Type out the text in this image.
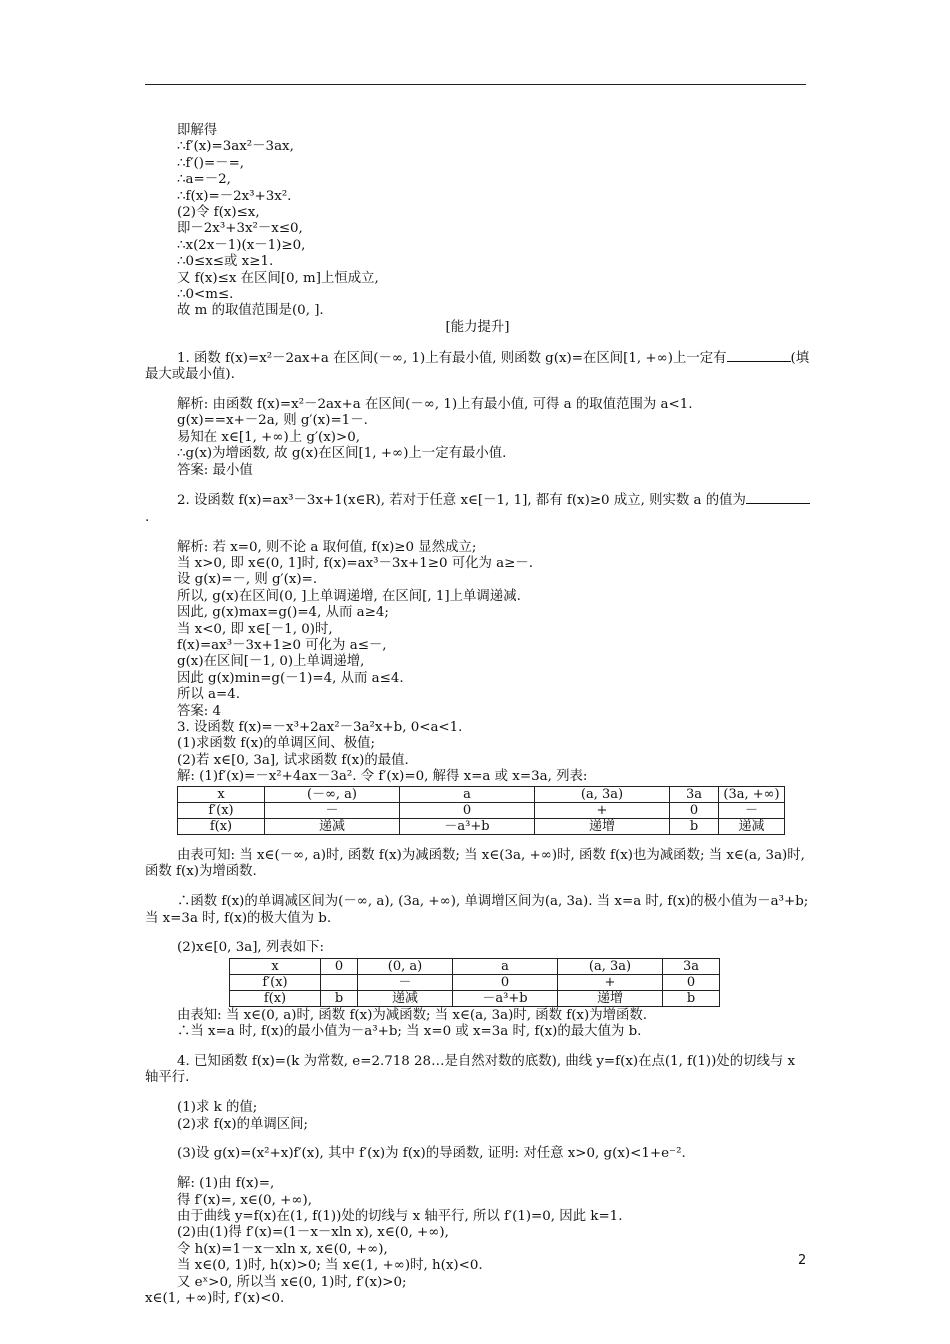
即解得

∴f′(x)=3ax²－3ax,

∴f′()=－=,

∴a=－2,

∴f(x)=－2x³+3x².

(2)令 f(x)≤x,

即－2x³+3x²－x≤0,

∴x(2x－1)(x－1)≥0,

∴0≤x≤或 x≥1.

又 f(x)≤x 在区间[0, m]上恒成立,

∴0<m≤.

故 m 的取值范围是(0, ].

[能力提升]

1. 函数 f(x)=x²－2ax+a 在区间(－∞, 1)上有最小值, 则函数 g(x)=在区间[1, +∞)上一定有	(填最大或最小值).

解析: 由函数 f(x)=x²－2ax+a 在区间(－∞, 1)上有最小值, 可得 a 的取值范围为 a<1.

g(x)==x+－2a, 则 g′(x)=1－.

易知在 x∈[1, +∞)上 g′(x)>0,

∴g(x)为增函数, 故 g(x)在区间[1, +∞)上一定有最小值.

答案: 最小值

2. 设函数 f(x)=ax³－3x+1(x∈R), 若对于任意 x∈[－1, 1], 都有 f(x)≥0 成立, 则实数 a 的值为.

解析: 若 x=0, 则不论 a 取何值, f(x)≥0 显然成立;

当 x>0, 即 x∈(0, 1]时, f(x)=ax³－3x+1≥0 可化为 a≥－.

设 g(x)=－, 则 g′(x)=.

所以, g(x)在区间(0, ]上单调递增, 在区间[, 1]上单调递减.

因此, g(x)max=g()=4, 从而 a≥4;

当 x<0, 即 x∈[－1, 0)时,

f(x)=ax³－3x+1≥0 可化为 a≤－,

g(x)在区间[－1, 0)上单调递增,

因此 g(x)min=g(－1)=4, 从而 a≤4.

所以 a=4.

答案: 4

3. 设函数 f(x)=－x³+2ax²－3a²x+b, 0<a<1.

(1)求函数 f(x)的单调区间、极值;

(2)若 x∈[0, 3a], 试求函数 f(x)的最值.

解: (1)f′(x)=－x²+4ax－3a². 令 f′(x)=0, 解得 x=a 或 x=3a, 列表:

x	(－∞, a)	a	(a, 3a)	3a	(3a, +∞)
f′(x)	－	0	+	0	－
f(x)	递减	－a³+b	递增	b	递减

由表可知: 当 x∈(－∞, a)时, 函数 f(x)为减函数; 当 x∈(3a, +∞)时, 函数 f(x)也为减函数; 当 x∈(a, 3a)时, 函数 f(x)为增函数.

∴函数 f(x)的单调减区间为(－∞, a), (3a, +∞), 单调增区间为(a, 3a). 当 x=a 时, f(x)的极小值为－a³+b; 当 x=3a 时, f(x)的极大值为 b.

(2)x∈[0, 3a], 列表如下:

x	0	(0, a)	a	(a, 3a)	3a
f′(x)		－	0	+	0
f(x)	b	递减	－a³+b	递增	b

由表知: 当 x∈(0, a)时, 函数 f(x)为减函数; 当 x∈(a, 3a)时, 函数 f(x)为增函数.

∴当 x=a 时, f(x)的最小值为－a³+b; 当 x=0 或 x=3a 时, f(x)的最大值为 b.

4. 已知函数 f(x)=(k 为常数, e=2.718 28…是自然对数的底数), 曲线 y=f(x)在点(1, f(1))处的切线与 x 轴平行.

(1)求 k 的值;

(2)求 f(x)的单调区间;

(3)设 g(x)=(x²+x)f′(x), 其中 f′(x)为 f(x)的导函数, 证明: 对任意 x>0, g(x)<1+e⁻².

解: (1)由 f(x)=,

得 f′(x)=, x∈(0, +∞),

由于曲线 y=f(x)在(1, f(1))处的切线与 x 轴平行, 所以 f′(1)=0, 因此 k=1.

(2)由(1)得 f′(x)=(1－x－xln x), x∈(0, +∞),

令 h(x)=1－x－xln x, x∈(0, +∞),

当 x∈(0, 1)时, h(x)>0; 当 x∈(1, +∞)时, h(x)<0.

又 eˣ>0, 所以当 x∈(0, 1)时, f′(x)>0;

x∈(1, +∞)时, f′(x)<0.

2
